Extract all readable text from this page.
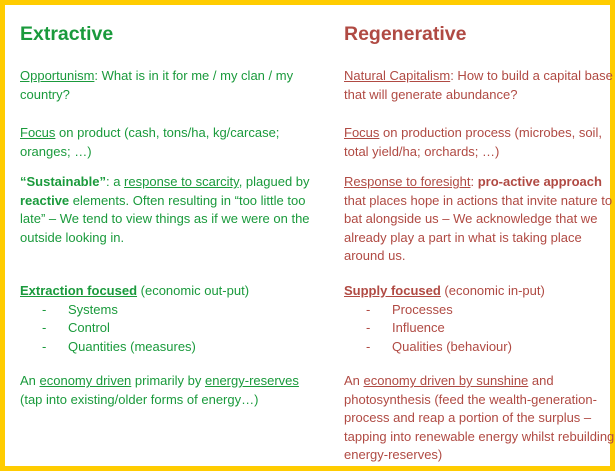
Extractive
Opportunism: What is in it for me / my clan / my country?
Focus on product (cash, tons/ha, kg/carcase; oranges; …)
“Sustainable”: a response to scarcity, plagued by reactive elements. Often resulting in “too little too late” – We tend to view things as if we were on the outside looking in.
Extraction focused (economic out-put)
- Systems
- Control
- Quantities (measures)
An economy driven primarily by energy-reserves (tap into existing/older forms of energy…)
Regenerative
Natural Capitalism: How to build a capital base that will generate abundance?
Focus on production process (microbes, soil, total yield/ha; orchards; …)
Response to foresight: pro-active approach that places hope in actions that invite nature to bat alongside us – We acknowledge that we already play a part in what is taking place around us.
Supply focused (economic in-put)
- Processes
- Influence
- Qualities (behaviour)
An economy driven by sunshine and photosynthesis (feed the wealth-generation-process and reap a portion of the surplus – tapping into renewable energy whilst rebuilding energy-reserves)
